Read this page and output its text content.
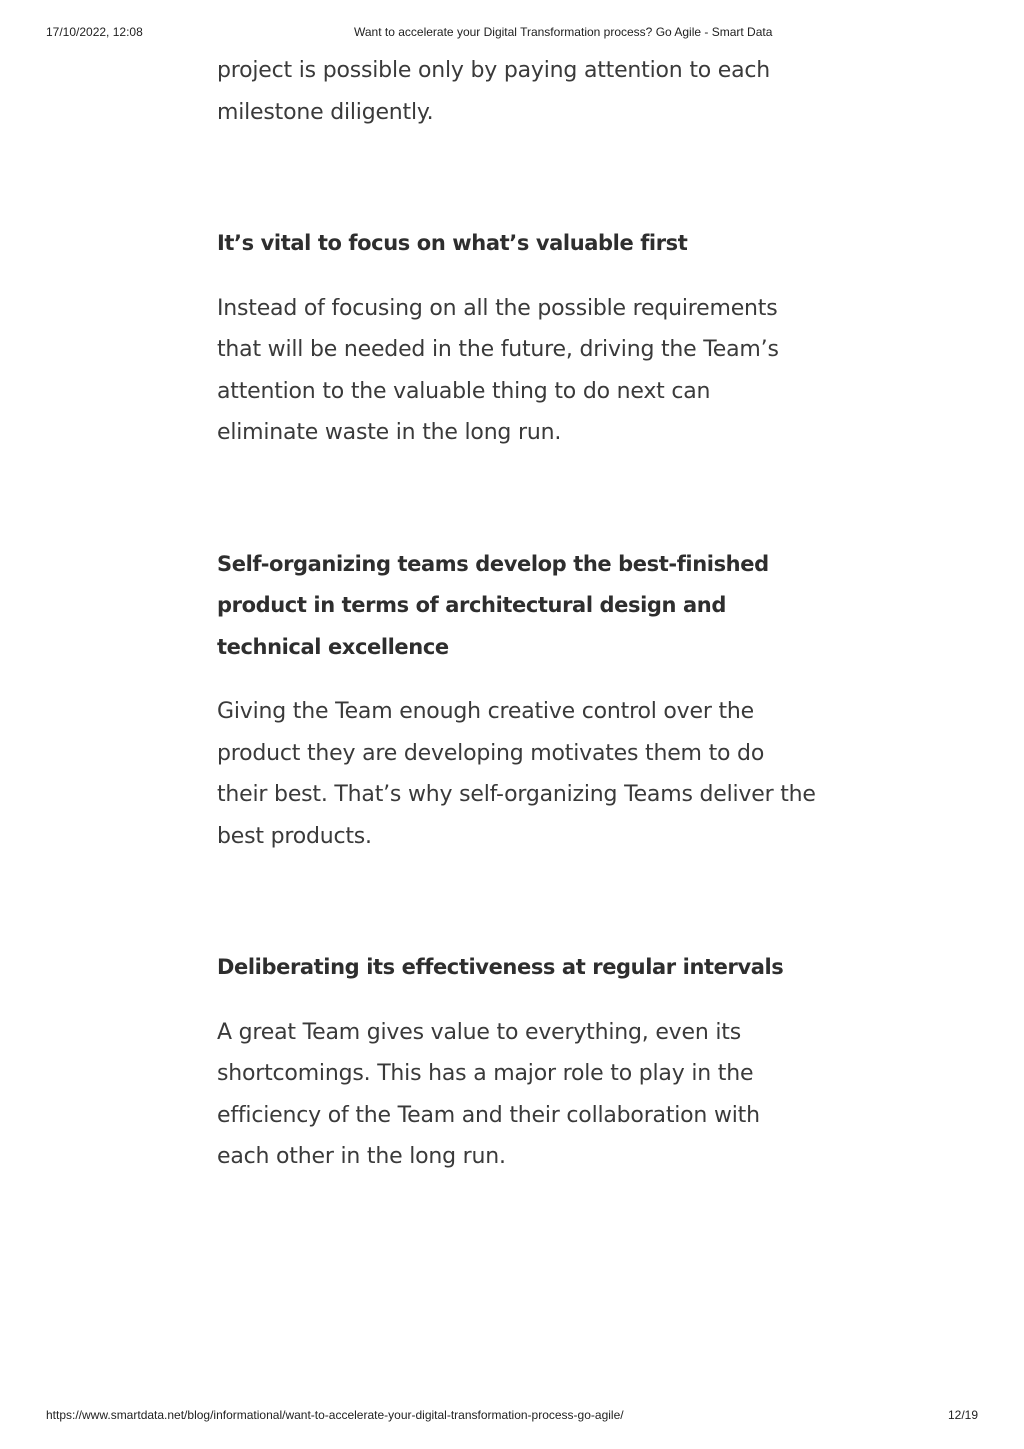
17/10/2022, 12:08	Want to accelerate your Digital Transformation process? Go Agile - Smart Data

project is possible only by paying attention to each milestone diligently.

It’s vital to focus on what’s valuable first

Instead of focusing on all the possible requirements that will be needed in the future, driving the Team’s attention to the valuable thing to do next can eliminate waste in the long run.

Self-organizing teams develop the best-finished product in terms of architectural design and technical excellence

Giving the Team enough creative control over the product they are developing motivates them to do their best. That’s why self-organizing Teams deliver the best products.

Deliberating its effectiveness at regular intervals

A great Team gives value to everything, even its shortcomings. This has a major role to play in the efficiency of the Team and their collaboration with each other in the long run.

https://www.smartdata.net/blog/informational/want-to-accelerate-your-digital-transformation-process-go-agile/	12/19
